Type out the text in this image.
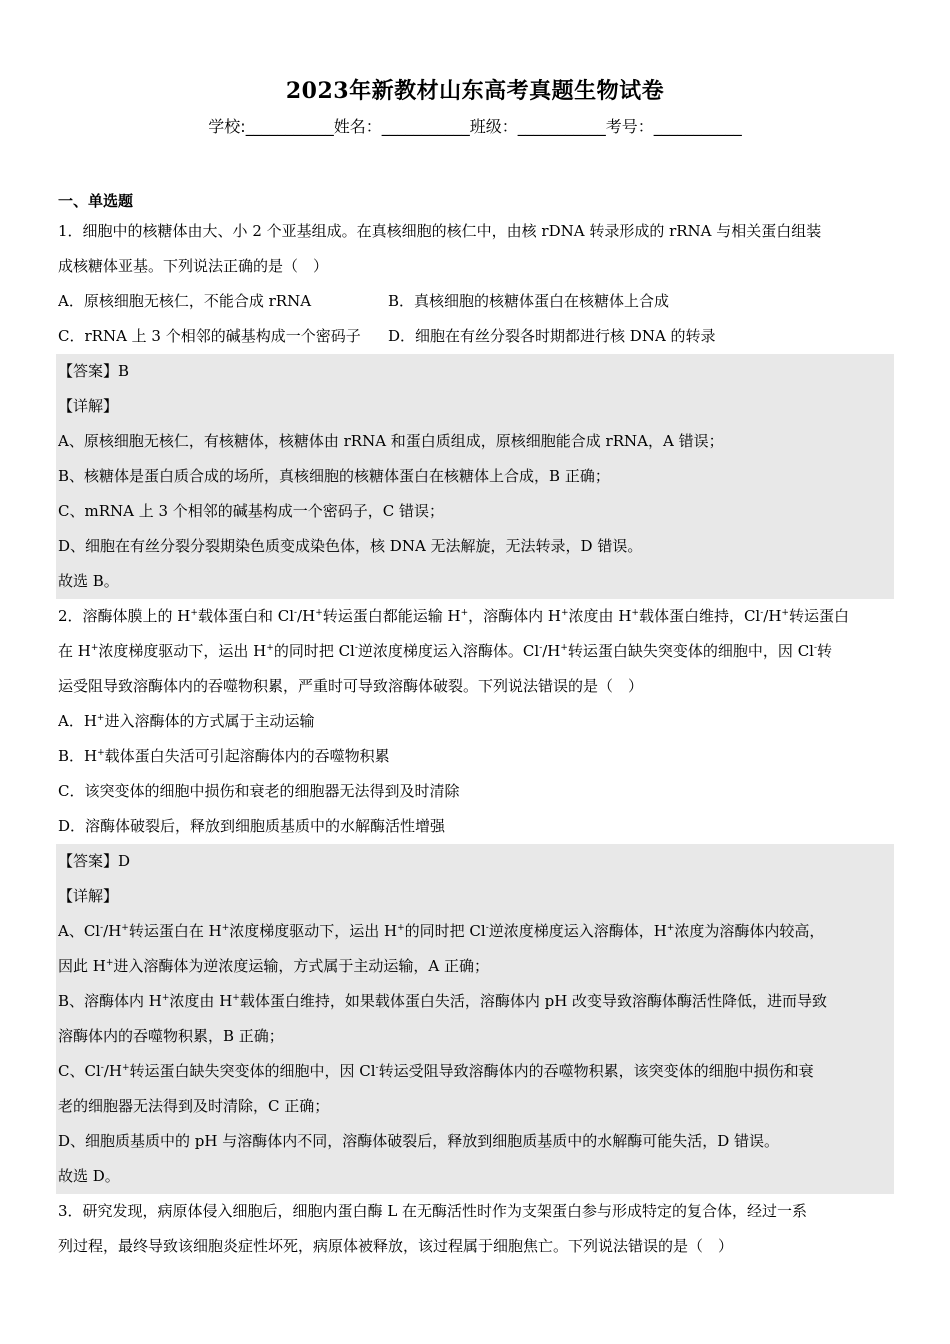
2023年新教材山东高考真题生物试卷
学校:___________姓名：___________班级：___________考号：___________
一、单选题
1．细胞中的核糖体由大、小 2 个亚基组成。在真核细胞的核仁中，由核 rDNA 转录形成的 rRNA 与相关蛋白组装
成核糖体亚基。下列说法正确的是（　）
A．原核细胞无核仁，不能合成 rRNA	B．真核细胞的核糖体蛋白在核糖体上合成
C．rRNA 上 3 个相邻的碱基构成一个密码子	D．细胞在有丝分裂各时期都进行核 DNA 的转录
【答案】B
【详解】
A、原核细胞无核仁，有核糖体，核糖体由 rRNA 和蛋白质组成，原核细胞能合成 rRNA，A 错误；
B、核糖体是蛋白质合成的场所，真核细胞的核糖体蛋白在核糖体上合成，B 正确；
C、mRNA 上 3 个相邻的碱基构成一个密码子，C 错误；
D、细胞在有丝分裂分裂期染色质变成染色体，核 DNA 无法解旋，无法转录，D 错误。
故选 B。
2．溶酶体膜上的 H+载体蛋白和 Cl-/H+转运蛋白都能运输 H+，溶酶体内 H+浓度由 H+载体蛋白维持，Cl-/H+转运蛋白
在 H+浓度梯度驱动下，运出 H+的同时把 Cl-逆浓度梯度运入溶酶体。Cl-/H+转运蛋白缺失突变体的细胞中，因 Cl-转
运受阻导致溶酶体内的吞噬物积累，严重时可导致溶酶体破裂。下列说法错误的是（　）
A．H+进入溶酶体的方式属于主动运输
B．H+载体蛋白失活可引起溶酶体内的吞噬物积累
C．该突变体的细胞中损伤和衰老的细胞器无法得到及时清除
D．溶酶体破裂后，释放到细胞质基质中的水解酶活性增强
【答案】D
【详解】
A、Cl-/H+转运蛋白在 H+浓度梯度驱动下，运出 H+的同时把 Cl-逆浓度梯度运入溶酶体，H+浓度为溶酶体内较高，
因此 H+进入溶酶体为逆浓度运输，方式属于主动运输，A 正确；
B、溶酶体内 H+浓度由 H+载体蛋白维持，如果载体蛋白失活，溶酶体内 pH 改变导致溶酶体酶活性降低，进而导致
溶酶体内的吞噬物积累，B 正确；
C、Cl-/H+转运蛋白缺失突变体的细胞中，因 Cl-转运受阻导致溶酶体内的吞噬物积累，该突变体的细胞中损伤和衰
老的细胞器无法得到及时清除，C 正确；
D、细胞质基质中的 pH 与溶酶体内不同，溶酶体破裂后，释放到细胞质基质中的水解酶可能失活，D 错误。
故选 D。
3．研究发现，病原体侵入细胞后，细胞内蛋白酶 L 在无酶活性时作为支架蛋白参与形成特定的复合体，经过一系
列过程，最终导致该细胞炎症性坏死，病原体被释放，该过程属于细胞焦亡。下列说法错误的是（　）
